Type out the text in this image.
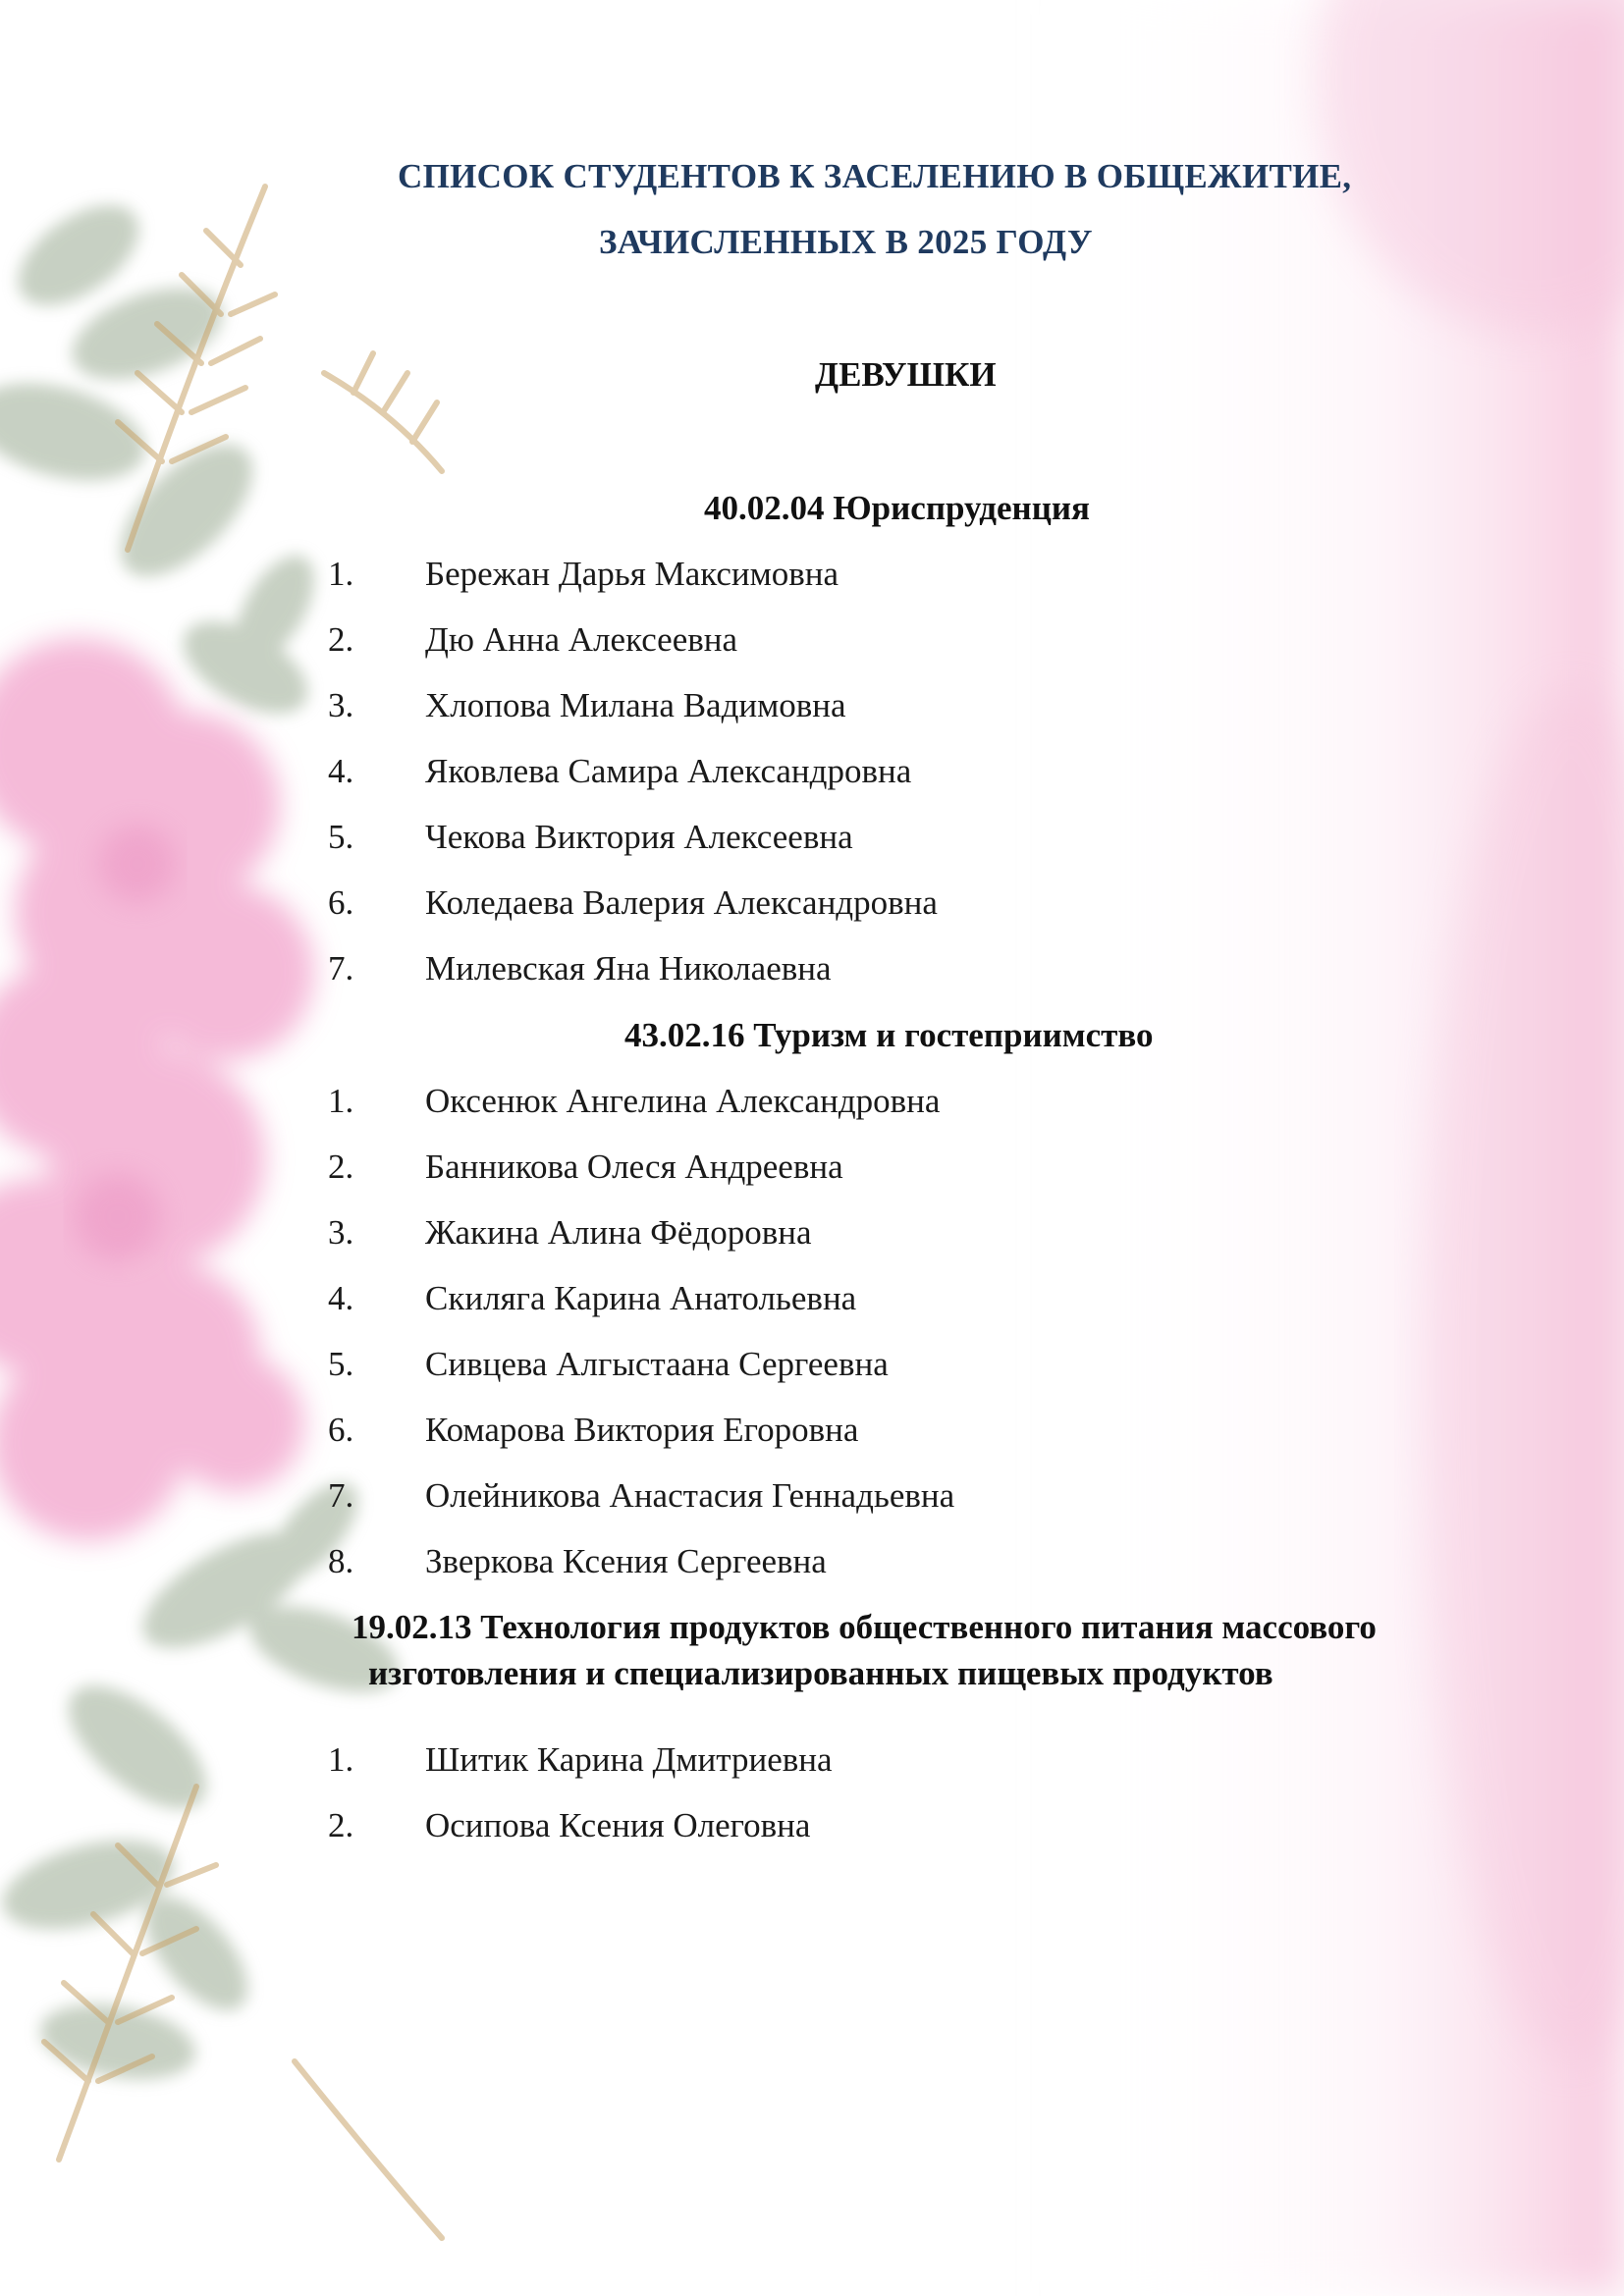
СПИСОК СТУДЕНТОВ К ЗАСЕЛЕНИЮ В ОБЩЕЖИТИЕ,
ЗАЧИСЛЕННЫХ В 2025 ГОДУ
ДЕВУШКИ
40.02.04 Юриспруденция
1. Бережан Дарья Максимовна
2. Дю Анна Алексеевна
3. Хлопова Милана Вадимовна
4. Яковлева Самира Александровна
5. Чекова Виктория Алексеевна
6. Коледаева Валерия Александровна
7. Милевская Яна Николаевна
43.02.16 Туризм и гостеприимство
1. Оксенюк Ангелина Александровна
2. Банникова Олеся Андреевна
3. Жакина Алина Фёдоровна
4. Скиляга Карина Анатольевна
5. Сивцева Алгыстаана Сергеевна
6. Комарова Виктория Егоровна
7. Олейникова Анастасия Геннадьевна
8. Зверкова Ксения Сергеевна
19.02.13 Технология продуктов общественного питания массового
изготовления и специализированных пищевых продуктов
1. Шитик Карина Дмитриевна
2. Осипова Ксения Олеговна
